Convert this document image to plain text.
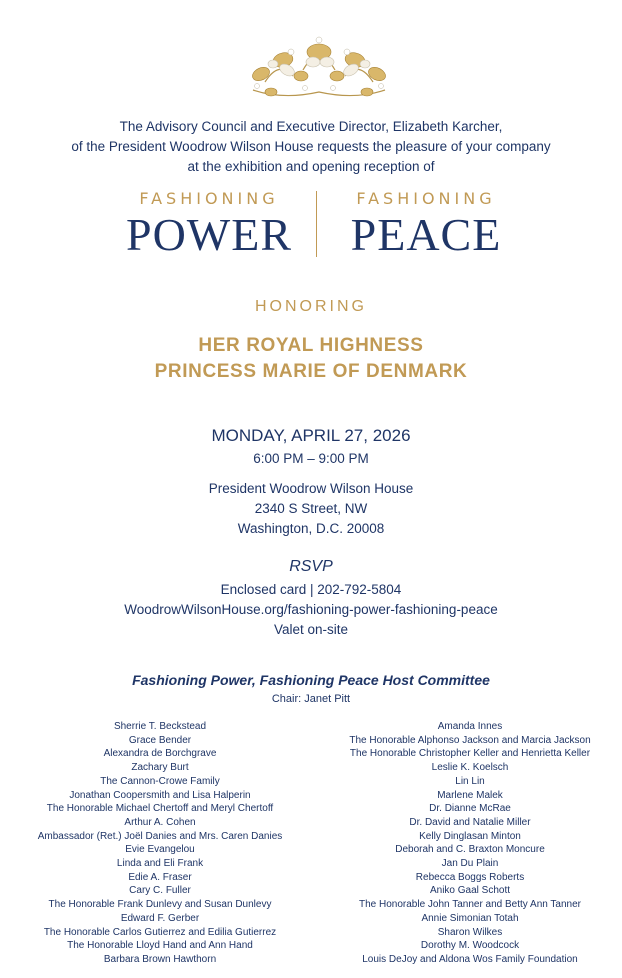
The Advisory Council and Executive Director, Elizabeth Karcher,
of the President Woodrow Wilson House requests the pleasure of your company
at the exhibition and opening reception of
FASHIONING
POWER
FASHIONING
PEACE
HONORING
HER ROYAL HIGHNESS
PRINCESS MARIE OF DENMARK
MONDAY, APRIL 27, 2026
6:00 PM – 9:00 PM
President Woodrow Wilson House
2340 S Street, NW
Washington, D.C. 20008
RSVP
Enclosed card | 202-792-5804
WoodrowWilsonHouse.org/fashioning-power-fashioning-peace
Valet on-site
Fashioning Power, Fashioning Peace Host Committee
Chair: Janet Pitt
Sherrie T. Beckstead
Grace Bender
Alexandra de Borchgrave
Zachary Burt
The Cannon-Crowe Family
Jonathan Coopersmith and Lisa Halperin
The Honorable Michael Chertoff and Meryl Chertoff
Arthur A. Cohen
Ambassador (Ret.) Joël Danies and Mrs. Caren Danies
Evie Evangelou
Linda and Eli Frank
Edie A. Fraser
Cary C. Fuller
The Honorable Frank Dunlevy and Susan Dunlevy
Edward F. Gerber
The Honorable Carlos Gutierrez and Edilia Gutierrez
The Honorable Lloyd Hand and Ann Hand
Barbara Brown Hawthorn
Amanda Innes
The Honorable Alphonso Jackson and Marcia Jackson
The Honorable Christopher Keller and Henrietta Keller
Leslie K. Koelsch
Lin Lin
Marlene Malek
Dr. Dianne McRae
Dr. David and Natalie Miller
Kelly Dinglasan Minton
Deborah and C. Braxton Moncure
Jan Du Plain
Rebecca Boggs Roberts
Aniko Gaal Schott
The Honorable John Tanner and Betty Ann Tanner
Annie Simonian Totah
Sharon Wilkes
Dorothy M. Woodcock
Louis DeJoy and Aldona Wos Family Foundation
